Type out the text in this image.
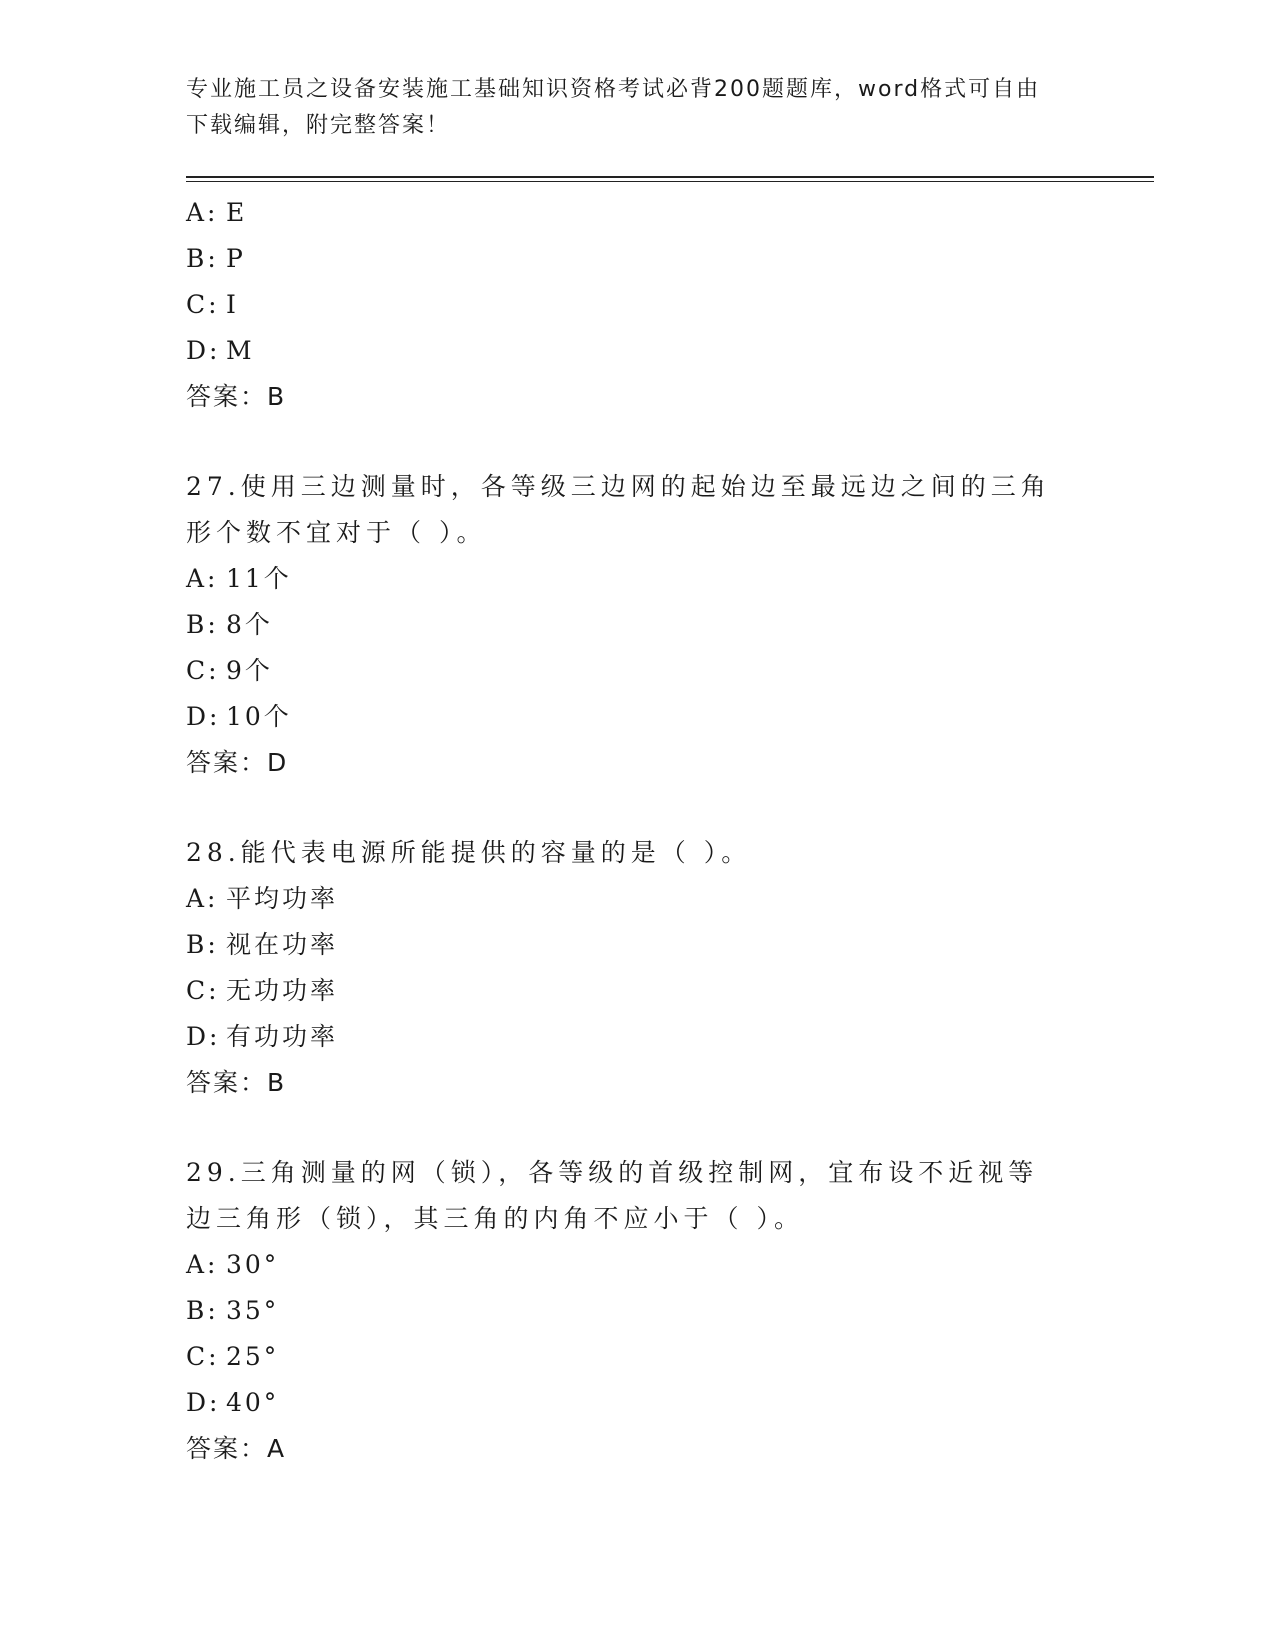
专业施工员之设备安装施工基础知识资格考试必背200题题库，word格式可自由
下载编辑，附完整答案！
A: E
B: P
C: I
D: M
答案：B
27.使用三边测量时，各等级三边网的起始边至最远边之间的三角形个数不宜对于（ ）。
A: 11个
B: 8个
C: 9个
D: 10个
答案：D
28.能代表电源所能提供的容量的是（ ）。
A: 平均功率
B: 视在功率
C: 无功功率
D: 有功功率
答案：B
29.三角测量的网（锁），各等级的首级控制网，宜布设不近视等边三角形（锁），其三角的内角不应小于（ ）。
A: 30°
B: 35°
C: 25°
D: 40°
答案：A
